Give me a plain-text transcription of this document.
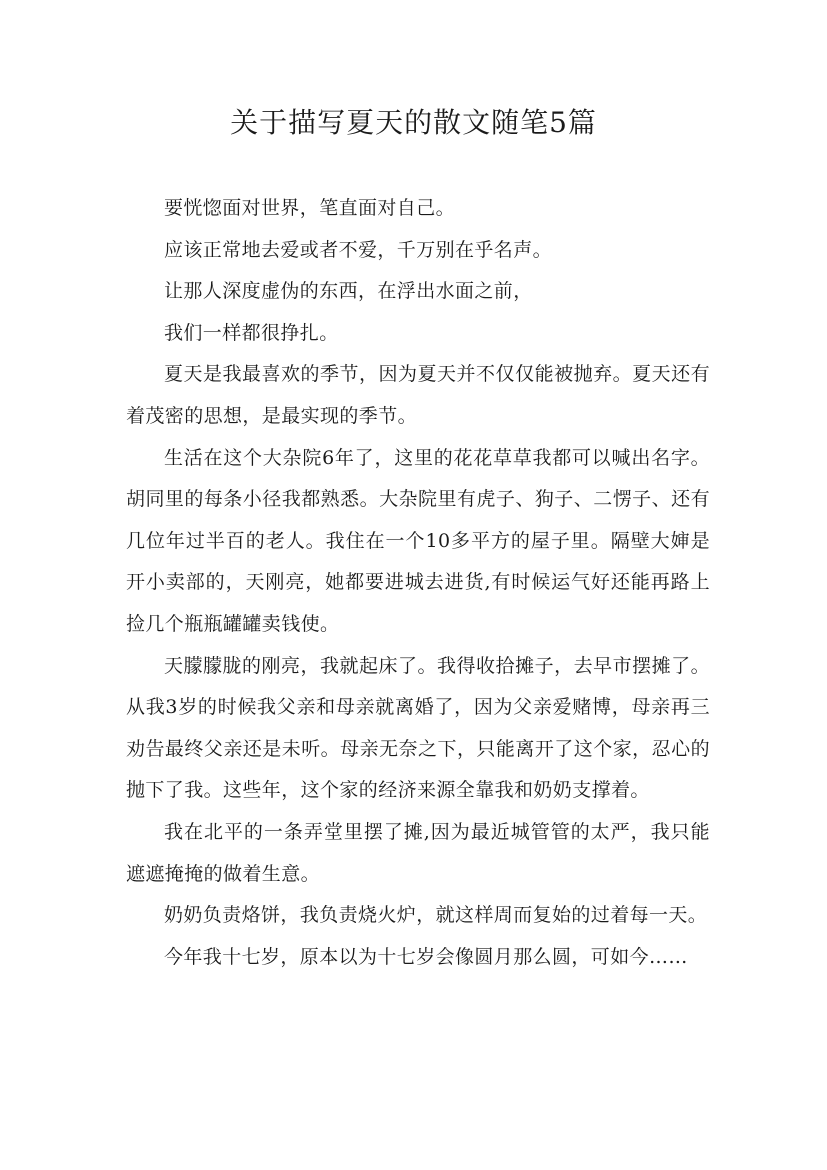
关于描写夏天的散文随笔5篇

要恍惚面对世界，笔直面对自己。

应该正常地去爱或者不爱，千万别在乎名声。

让那人深度虚伪的东西，在浮出水面之前，

我们一样都很挣扎。

夏天是我最喜欢的季节，因为夏天并不仅仅能被抛弃。夏天还有着茂密的思想，是最实现的季节。

生活在这个大杂院6年了，这里的花花草草我都可以喊出名字。胡同里的每条小径我都熟悉。大杂院里有虎子、狗子、二愣子、还有几位年过半百的老人。我住在一个10多平方的屋子里。隔壁大婶是开小卖部的，天刚亮，她都要进城去进货,有时候运气好还能再路上捡几个瓶瓶罐罐卖钱使。

天朦朦胧的刚亮，我就起床了。我得收拾摊子，去早市摆摊了。从我3岁的时候我父亲和母亲就离婚了，因为父亲爱赌博，母亲再三劝告最终父亲还是未听。母亲无奈之下，只能离开了这个家，忍心的抛下了我。这些年，这个家的经济来源全靠我和奶奶支撑着。

我在北平的一条弄堂里摆了摊,因为最近城管管的太严，我只能遮遮掩掩的做着生意。

奶奶负责烙饼，我负责烧火炉，就这样周而复始的过着每一天。

今年我十七岁，原本以为十七岁会像圆月那么圆，可如今……
